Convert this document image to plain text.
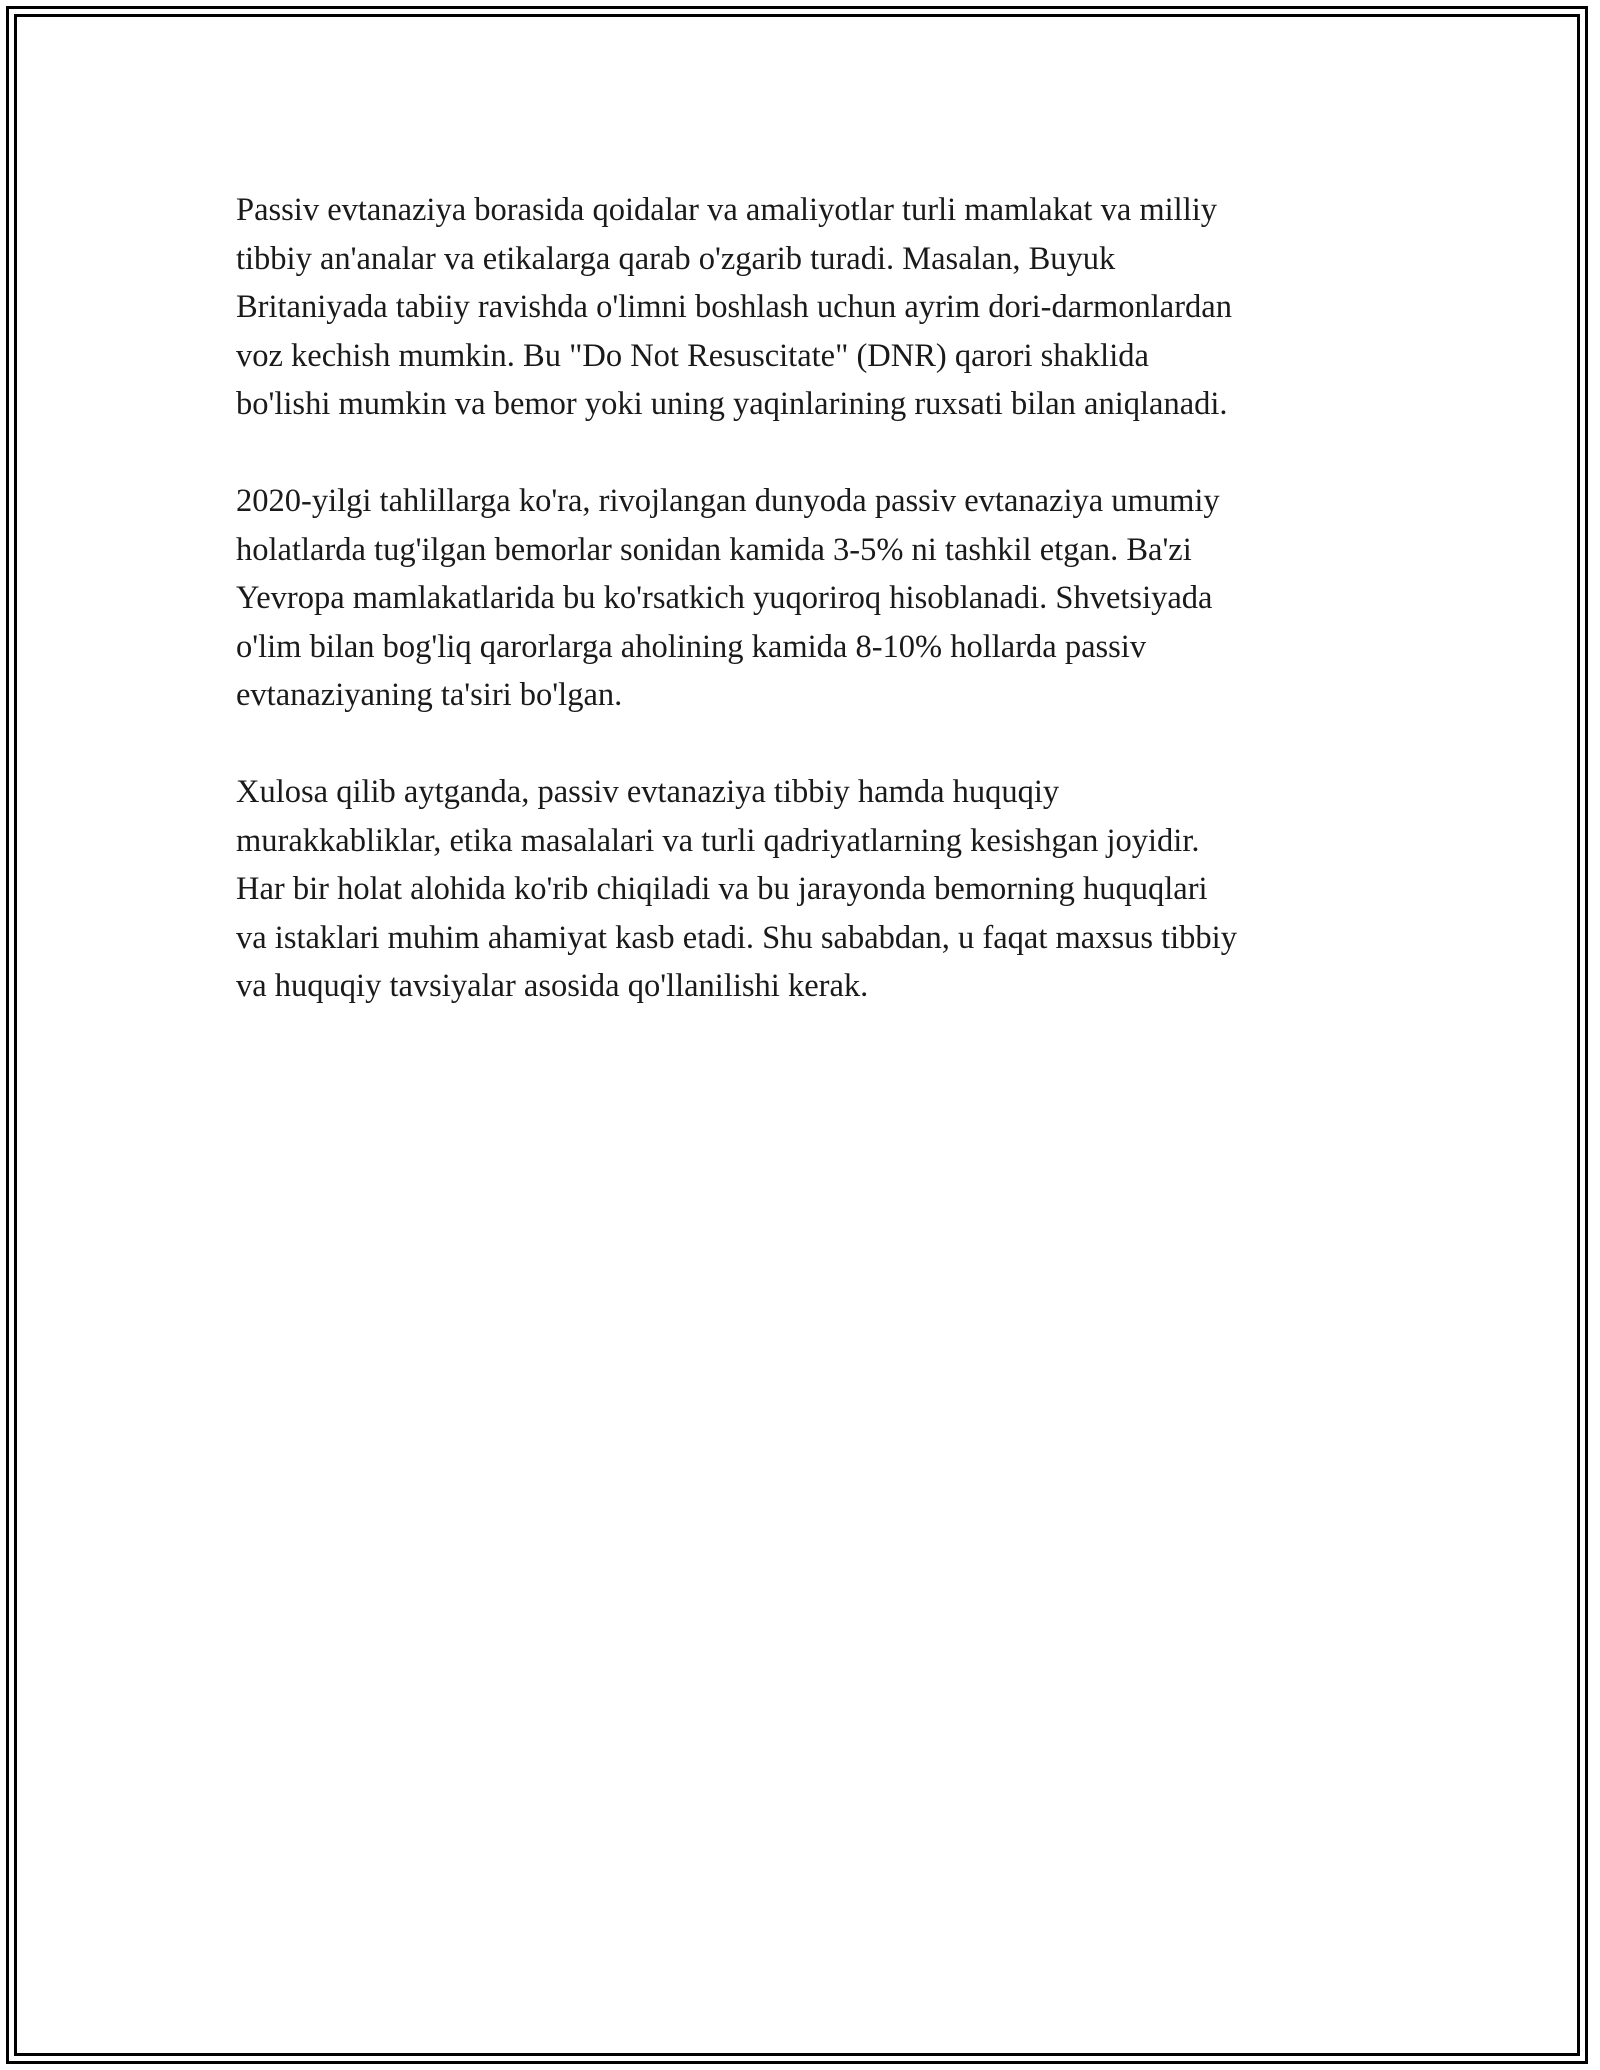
Passiv evtanaziya borasida qoidalar va amaliyotlar turli mamlakat va milliy
tibbiy an'analar va etikalarga qarab o'zgarib turadi. Masalan, Buyuk
Britaniyada tabiiy ravishda o'limni boshlash uchun ayrim dori-darmonlardan
voz kechish mumkin. Bu "Do Not Resuscitate" (DNR) qarori shaklida
bo'lishi mumkin va bemor yoki uning yaqinlarining ruxsati bilan aniqlanadi.

2020-yilgi tahlillarga ko'ra, rivojlangan dunyoda passiv evtanaziya umumiy
holatlarda tug'ilgan bemorlar sonidan kamida 3-5% ni tashkil etgan. Ba'zi
Yevropa mamlakatlarida bu ko'rsatkich yuqoriroq hisoblanadi. Shvetsiyada
o'lim bilan bog'liq qarorlarga aholining kamida 8-10% hollarda passiv
evtanaziyaning ta'siri bo'lgan.

Xulosa qilib aytganda, passiv evtanaziya tibbiy hamda huquqiy
murakkabliklar, etika masalalari va turli qadriyatlarning kesishgan joyidir.
Har bir holat alohida ko'rib chiqiladi va bu jarayonda bemorning huquqlari
va istaklari muhim ahamiyat kasb etadi. Shu sababdan, u faqat maxsus tibbiy
va huquqiy tavsiyalar asosida qo'llanilishi kerak.
